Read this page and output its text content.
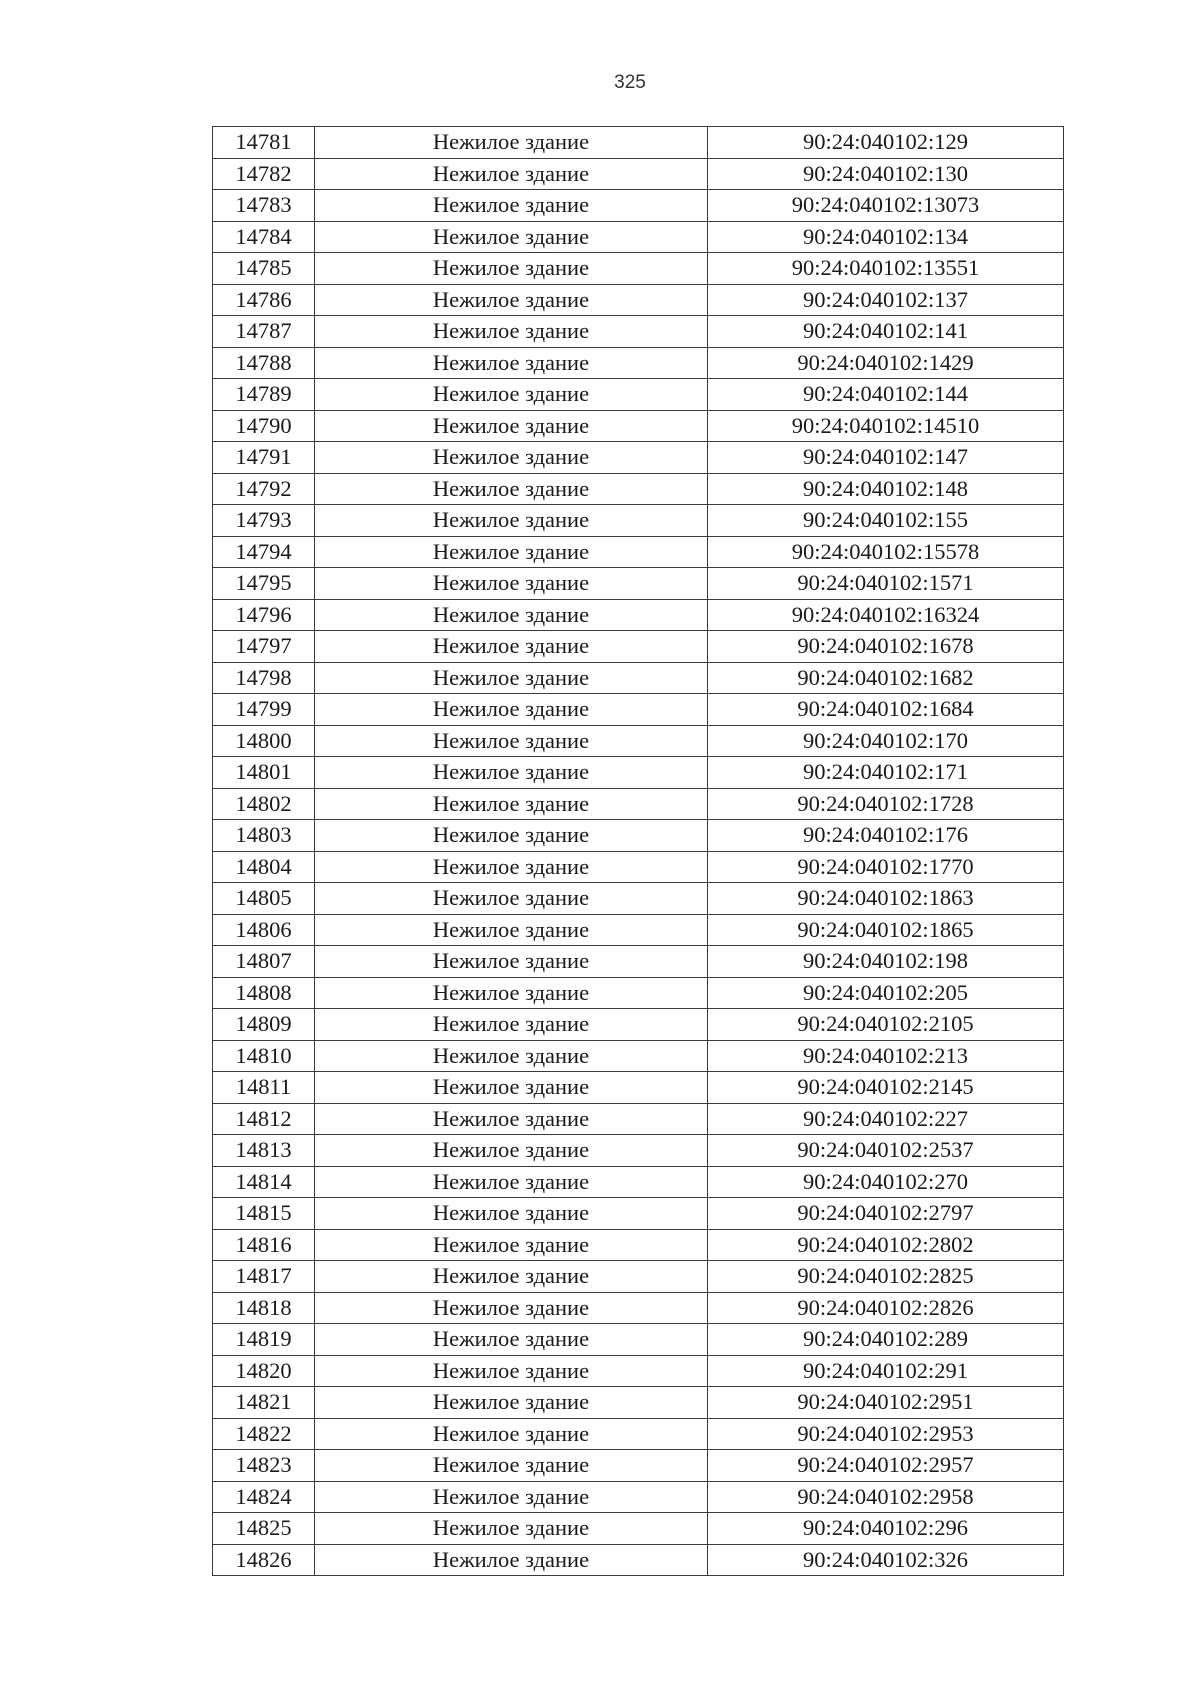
325
14781	Нежилое здание	90:24:040102:129
14782	Нежилое здание	90:24:040102:130
14783	Нежилое здание	90:24:040102:13073
14784	Нежилое здание	90:24:040102:134
14785	Нежилое здание	90:24:040102:13551
14786	Нежилое здание	90:24:040102:137
14787	Нежилое здание	90:24:040102:141
14788	Нежилое здание	90:24:040102:1429
14789	Нежилое здание	90:24:040102:144
14790	Нежилое здание	90:24:040102:14510
14791	Нежилое здание	90:24:040102:147
14792	Нежилое здание	90:24:040102:148
14793	Нежилое здание	90:24:040102:155
14794	Нежилое здание	90:24:040102:15578
14795	Нежилое здание	90:24:040102:1571
14796	Нежилое здание	90:24:040102:16324
14797	Нежилое здание	90:24:040102:1678
14798	Нежилое здание	90:24:040102:1682
14799	Нежилое здание	90:24:040102:1684
14800	Нежилое здание	90:24:040102:170
14801	Нежилое здание	90:24:040102:171
14802	Нежилое здание	90:24:040102:1728
14803	Нежилое здание	90:24:040102:176
14804	Нежилое здание	90:24:040102:1770
14805	Нежилое здание	90:24:040102:1863
14806	Нежилое здание	90:24:040102:1865
14807	Нежилое здание	90:24:040102:198
14808	Нежилое здание	90:24:040102:205
14809	Нежилое здание	90:24:040102:2105
14810	Нежилое здание	90:24:040102:213
14811	Нежилое здание	90:24:040102:2145
14812	Нежилое здание	90:24:040102:227
14813	Нежилое здание	90:24:040102:2537
14814	Нежилое здание	90:24:040102:270
14815	Нежилое здание	90:24:040102:2797
14816	Нежилое здание	90:24:040102:2802
14817	Нежилое здание	90:24:040102:2825
14818	Нежилое здание	90:24:040102:2826
14819	Нежилое здание	90:24:040102:289
14820	Нежилое здание	90:24:040102:291
14821	Нежилое здание	90:24:040102:2951
14822	Нежилое здание	90:24:040102:2953
14823	Нежилое здание	90:24:040102:2957
14824	Нежилое здание	90:24:040102:2958
14825	Нежилое здание	90:24:040102:296
14826	Нежилое здание	90:24:040102:326
